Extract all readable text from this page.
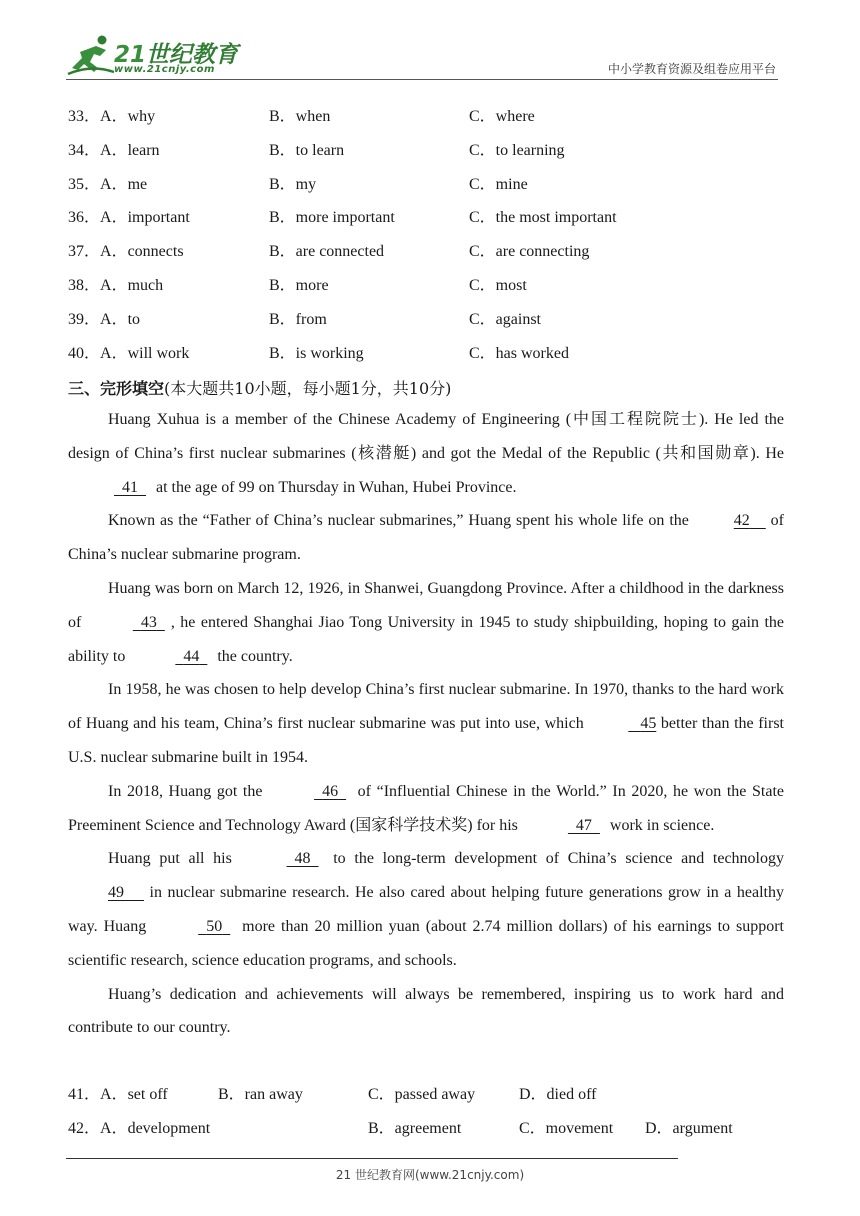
21世纪教育
www.21cnjy.com	中小学教育资源及组卷应用平台
33．A．why	B．when	C．where
34．A．learn	B．to learn	C．to learning
35．A．me	B．my	C．mine
36．A．important	B．more important	C．the most important
37．A．connects	B．are connected	C．are connecting
38．A．much	B．more	C．most
39．A．to	B．from	C．against
40．A．will work	B．is working	C．has worked
三、完形填空(本大题共10小题，每小题1分，共10分)

Huang Xuhua is a member of the Chinese Academy of Engineering (中国工程院院士). He led the design of China’s first nuclear submarines (核潜艇) and got the Medal of the Republic (共和国勋章). He   41   at the age of 99 on Thursday in Wuhan, Hubei Province.

Known as the “Father of China’s nuclear submarines,” Huang spent his whole life on the	42     of China’s nuclear submarine program.

Huang was born on March 12, 1926, in Shanwei, Guangdong Province. After a childhood in the darkness of	43 , he entered Shanghai Jiao Tong University in 1945 to study shipbuilding, hoping to gain the ability to	44   the country.

In 1958, he was chosen to help develop China’s first nuclear submarine. In 1970, thanks to the hard work of Huang and his team, China’s first nuclear submarine was put into use, which	45 better than the first U.S. nuclear submarine built in 1954.

In 2018, Huang got the	46   of “Influential Chinese in the World.” In 2020, he won the State Preeminent Science and Technology Award (国家科学技术奖) for his	47   work in science.

Huang put all his	48   to the long-term development of China’s science and technology 49      in nuclear submarine research. He also cared about helping future generations grow in a healthy way. Huang	50   more than 20 million yuan (about 2.74 million dollars) of his earnings to support scientific research, science education programs, and schools.

Huang’s dedication and achievements will always be remembered, inspiring us to work hard and contribute to our country.

41．A．set off	B．ran away	C．passed away	D．died off
42．A．development	B．agreement	C．movement D．argument
21 世纪教育网(www.21cnjy.com)
